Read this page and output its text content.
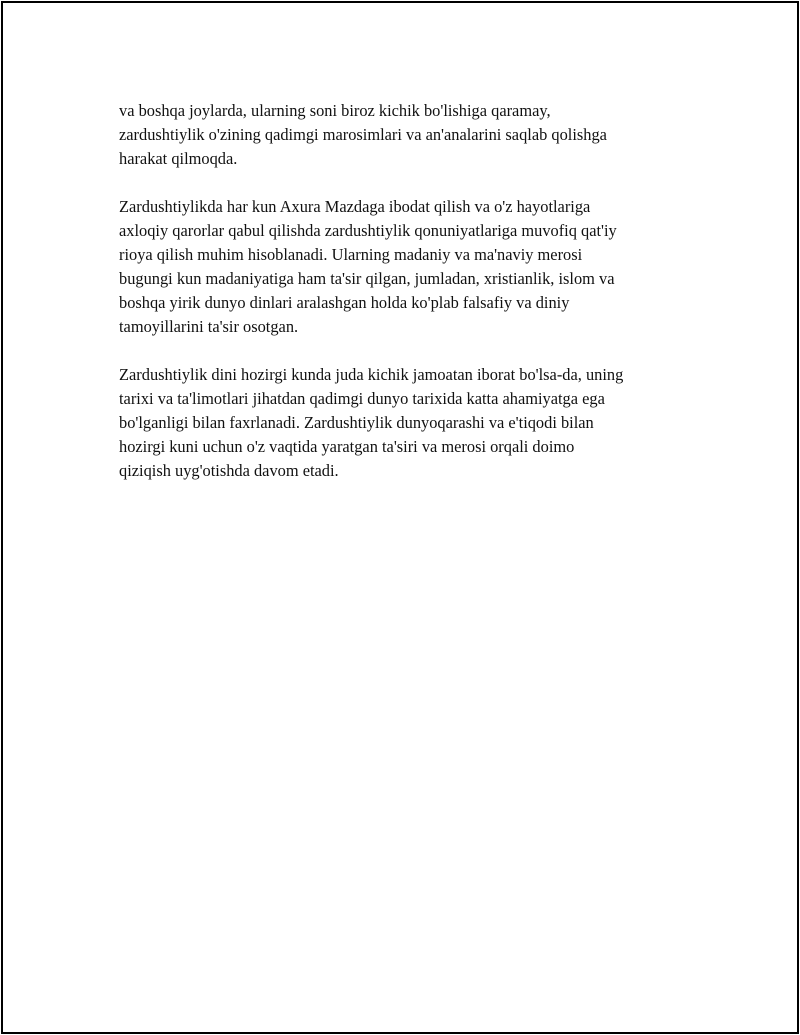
va boshqa joylarda, ularning soni biroz kichik bo'lishiga qaramay,
zardushtiylik o'zining qadimgi marosimlari va an'analarini saqlab qolishga
harakat qilmoqda.

Zardushtiylikda har kun Axura Mazdaga ibodat qilish va o'z hayotlariga
axloqiy qarorlar qabul qilishda zardushtiylik qonuniyatlariga muvofiq qat'iy
rioya qilish muhim hisoblanadi. Ularning madaniy va ma'naviy merosi
bugungi kun madaniyatiga ham ta'sir qilgan, jumladan, xristianlik, islom va
boshqa yirik dunyo dinlari aralashgan holda ko'plab falsafiy va diniy
tamoyillarini ta'sir osotgan.

Zardushtiylik dini hozirgi kunda juda kichik jamoatan iborat bo'lsa-da, uning
tarixi va ta'limotlari jihatdan qadimgi dunyo tarixida katta ahamiyatga ega
bo'lganligi bilan faxrlanadi. Zardushtiylik dunyoqarashi va e'tiqodi bilan
hozirgi kuni uchun o'z vaqtida yaratgan ta'siri va merosi orqali doimo
qiziqish uyg'otishda davom etadi.
